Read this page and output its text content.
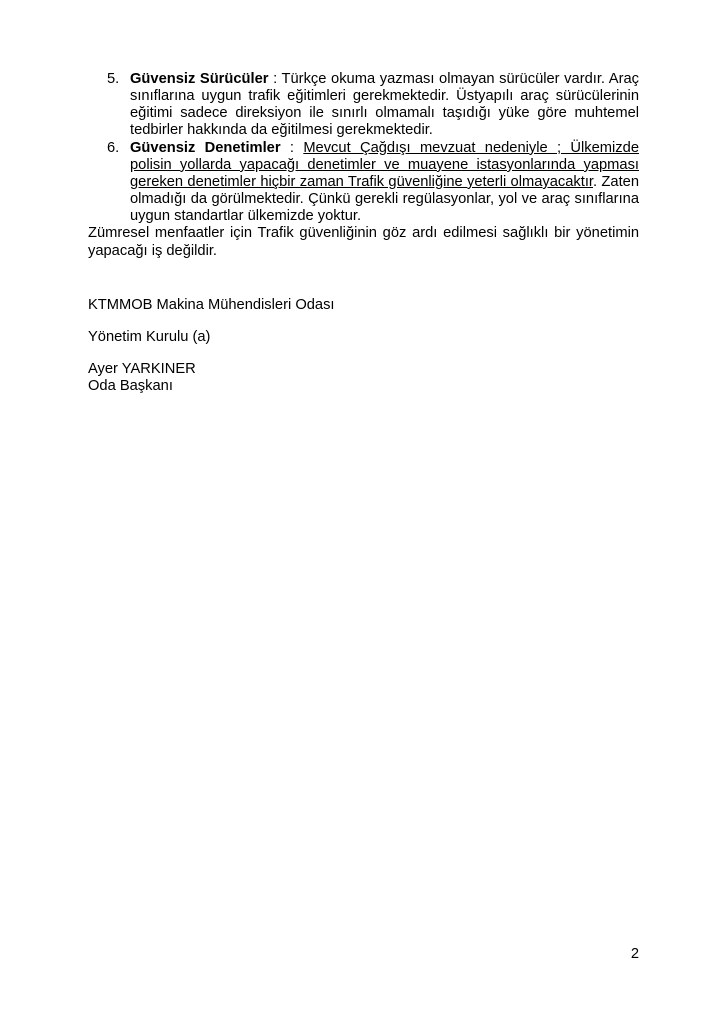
5. Güvensiz Sürücüler : Türkçe okuma yazması olmayan sürücüler vardır. Araç sınıflarına uygun trafik eğitimleri gerekmektedir. Üstyapılı araç sürücülerinin eğitimi sadece direksiyon ile sınırlı olmamalı taşıdığı yüke göre muhtemel tedbirler hakkında da eğitilmesi gerekmektedir.
6. Güvensiz Denetimler : Mevcut Çağdışı mevzuat nedeniyle ; Ülkemizde polisin yollarda yapacağı denetimler ve muayene istasyonlarında yapması gereken denetimler hiçbir zaman Trafik güvenliğine yeterli olmayacaktır. Zaten olmadığı da görülmektedir. Çünkü gerekli regülasyonlar, yol ve araç sınıflarına uygun standartlar ülkemizde yoktur.

Zümresel menfaatler için Trafik güvenliğinin göz ardı edilmesi sağlıklı bir yönetimin yapacağı iş değildir.

KTMMOB Makina Mühendisleri Odası

Yönetim Kurulu (a)

Ayer YARKINER

Oda Başkanı

2
